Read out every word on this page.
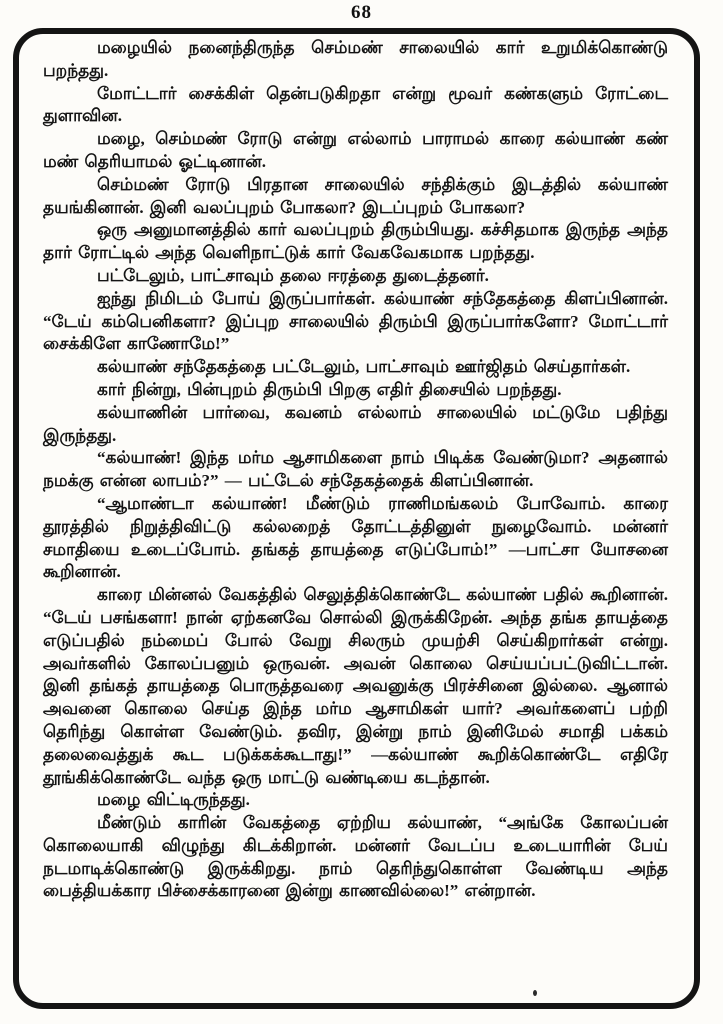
68

மழையில் நனைந்திருந்த செம்மண் சாலையில் கார் உறுமிக்கொண்டு பறந்தது.

மோட்டார் சைக்கிள் தென்படுகிறதா என்று மூவர் கண்களும் ரோட்டை துளாவின.

மழை, செம்மண் ரோடு என்று எல்லாம் பாராமல் காரை கல்யாண் கண் மண் தெரியாமல் ஓட்டினான்.

செம்மண் ரோடு பிரதான சாலையில் சந்திக்கும் இடத்தில் கல்யாண் தயங்கினான். இனி வலப்புறம் போகலா? இடப்புறம் போகலா?

ஒரு அனுமானத்தில் கார் வலப்புறம் திரும்பியது. கச்சிதமாக இருந்த அந்த தார் ரோட்டில் அந்த வெளிநாட்டுக் கார் வேகவேகமாக பறந்தது.

பட்டேலும், பாட்சாவும் தலை ஈரத்தை துடைத்தனர்.

ஐந்து நிமிடம் போய் இருப்பார்கள். கல்யாண் சந்தேகத்தை கிளப்பினான். “டேய் கம்பெனிகளா? இப்புற சாலையில் திரும்பி இருப்பார்களோ? மோட்டார் சைக்கிளே காணோமே!”

கல்யாண் சந்தேகத்தை பட்டேலும், பாட்சாவும் ஊர்ஜிதம் செய்தார்கள்.

கார் நின்று, பின்புறம் திரும்பி பிறகு எதிர் திசையில் பறந்தது.

கல்யாணின் பார்வை, கவனம் எல்லாம் சாலையில் மட்டுமே பதிந்து இருந்தது.

“கல்யாண்! இந்த மர்ம ஆசாமிகளை நாம் பிடிக்க வேண்டுமா? அதனால் நமக்கு என்ன லாபம்?” — பட்டேல் சந்தேகத்தைக் கிளப்பினான்.

“ஆமாண்டா கல்யாண்! மீண்டும் ராணிமங்கலம் போவோம். காரை தூரத்தில் நிறுத்திவிட்டு கல்லறைத் தோட்டத்தினுள் நுழைவோம். மன்னர் சமாதியை உடைப்போம். தங்கத் தாயத்தை எடுப்போம்!” —பாட்சா யோசனை கூறினான்.

காரை மின்னல் வேகத்தில் செலுத்திக்கொண்டே கல்யாண் பதில் கூறினான். “டேய் பசங்களா! நான் ஏற்கனவே சொல்லி இருக்கிறேன். அந்த தங்க தாயத்தை எடுப்பதில் நம்மைப் போல் வேறு சிலரும் முயற்சி செய்கிறார்கள் என்று. அவர்களில் கோலப்பனும் ஒருவன். அவன் கொலை செய்யப்பட்டுவிட்டான். இனி தங்கத் தாயத்தை பொருத்தவரை அவனுக்கு பிரச்சினை இல்லை. ஆனால் அவனை கொலை செய்த இந்த மர்ம ஆசாமிகள் யார்? அவர்களைப் பற்றி தெரிந்து கொள்ள வேண்டும். தவிர, இன்று நாம் இனிமேல் சமாதி பக்கம் தலைவைத்துக் கூட படுக்கக்கூடாது!” —கல்யாண் கூறிக்கொண்டே எதிரே தூங்கிக்கொண்டே வந்த ஒரு மாட்டு வண்டியை கடந்தான்.

மழை விட்டிருந்தது.

மீண்டும் காரின் வேகத்தை ஏற்றிய கல்யாண், “அங்கே கோலப்பன் கொலையாகி விழுந்து கிடக்கிறான். மன்னர் வேடப்ப உடையாரின் பேய் நடமாடிக்கொண்டு இருக்கிறது. நாம் தெரிந்துகொள்ள வேண்டிய அந்த பைத்தியக்கார பிச்சைக்காரனை இன்று காணவில்லை!” என்றான்.
